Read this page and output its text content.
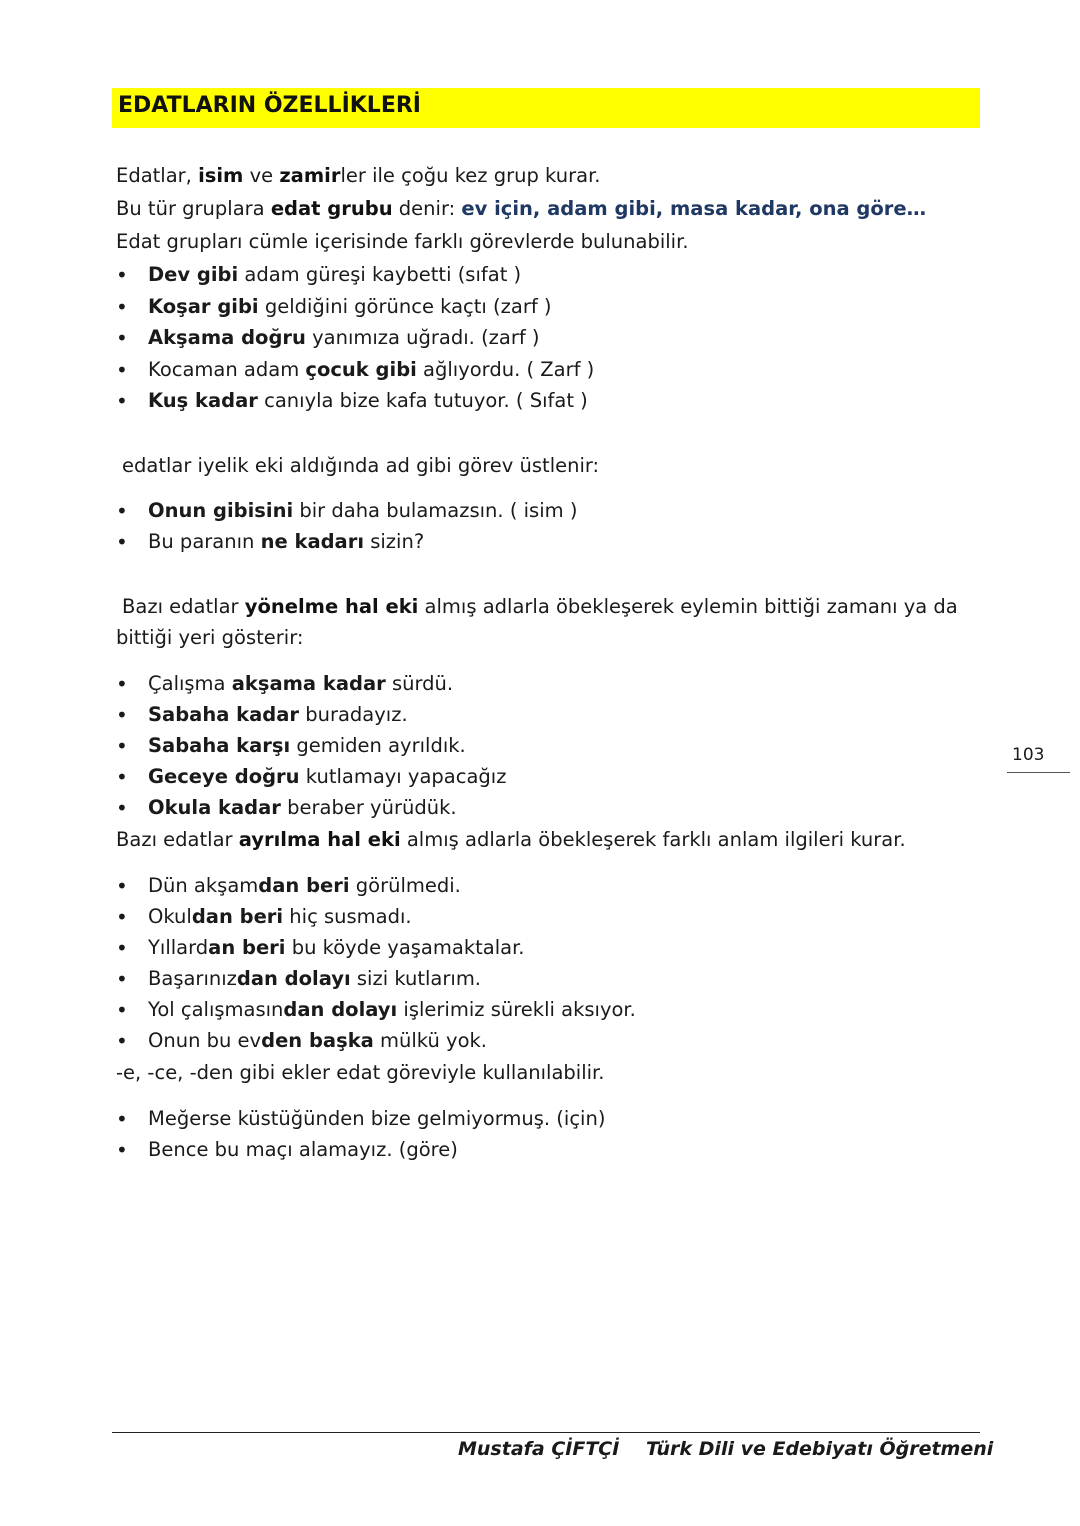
EDATLARIN ÖZELLİKLERİ
Edatlar, isim ve zamirler ile çoğu kez grup kurar.
Bu tür gruplara edat grubu denir: ev için, adam gibi, masa kadar, ona göre…
Edat grupları cümle içerisinde farklı görevlerde bulunabilir.
• Dev gibi adam güreşi kaybetti (sıfat )
• Koşar gibi geldiğini görünce kaçtı (zarf )
• Akşama doğru yanımıza uğradı. (zarf )
• Kocaman adam çocuk gibi ağlıyordu. ( Zarf )
• Kuş kadar canıyla bize kafa tutuyor. ( Sıfat )
edatlar iyelik eki aldığında ad gibi görev üstlenir:
• Onun gibisini bir daha bulamazsın. ( isim )
• Bu paranın ne kadarı sizin?
Bazı edatlar yönelme hal eki almış adlarla öbekleşerek eylemin bittiği zamanı ya da
bittiği yeri gösterir:
• Çalışma akşama kadar sürdü.
• Sabaha kadar buradayız.
• Sabaha karşı gemiden ayrıldık.
• Geceye doğru kutlamayı yapacağız
• Okula kadar beraber yürüdük.
Bazı edatlar ayrılma hal eki almış adlarla öbekleşerek farklı anlam ilgileri kurar.
• Dün akşamdan beri görülmedi.
• Okuldan beri hiç susmadı.
• Yıllardan beri bu köyde yaşamaktalar.
• Başarınızdan dolayı sizi kutlarım.
• Yol çalışmasından dolayı işlerimiz sürekli aksıyor.
• Onun bu evden başka mülkü yok.
-e, -ce, -den gibi ekler edat göreviyle kullanılabilir.
• Meğerse küstüğünden bize gelmiyormuş. (için)
• Bence bu maçı alamayız. (göre)
103
Mustafa ÇİFTÇİ Türk Dili ve Edebiyatı Öğretmeni
